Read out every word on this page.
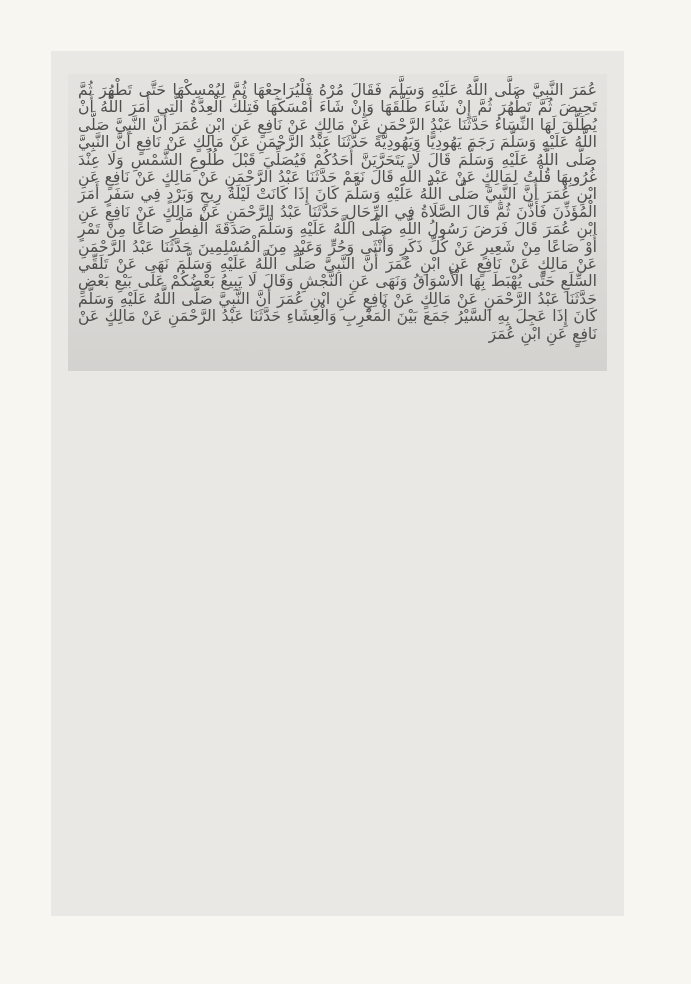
عُمَرَ النَّبِيَّ صَلَّى اللَّهُ عَلَيْهِ وَسَلَّمَ فَقَالَ مُرْهُ فَلْيُرَاجِعْهَا ثُمَّ لِيُمْسِكْهَا حَتَّى تَطْهُرَ ثُمَّ تَحِيضَ ثُمَّ تَطْهُرَ ثُمَّ إِنْ شَاءَ طَلَّقَهَا وَإِنْ شَاءَ أَمْسَكَهَا فَتِلْكَ الْعِدَّةُ الَّتِي أَمَرَ اللَّهُ أَنْ يُطَلَّقَ لَهَا النِّسَاءُ حَدَّثَنَا عَبْدُ الرَّحْمَنِ عَنْ مَالِكٍ عَنْ نَافِعٍ عَنِ ابْنِ عُمَرَ أَنَّ النَّبِيَّ صَلَّى اللَّهُ عَلَيْهِ وَسَلَّمَ رَجَمَ يَهُودِيًّا وَيَهُودِيَّةً حَدَّثَنَا عَبْدُ الرَّحْمَنِ عَنْ مَالِكٍ عَنْ نَافِعٍ أَنَّ النَّبِيَّ صَلَّى اللَّهُ عَلَيْهِ وَسَلَّمَ قَالَ لَا يَتَحَرَّيَنَّ أَحَدُكُمْ فَيُصَلِّيَ قَبْلَ طُلُوعِ الشَّمْسِ وَلَا عِنْدَ غُرُوبِهَا قُلْتُ لِمَالِكٍ عَنْ عَبْدِ اللَّهِ قَالَ نَعَمْ حَدَّثَنَا عَبْدُ الرَّحْمَنِ عَنْ مَالِكٍ عَنْ نَافِعٍ عَنِ ابْنِ عُمَرَ أَنَّ النَّبِيَّ صَلَّى اللَّهُ عَلَيْهِ وَسَلَّمَ كَانَ إِذَا كَانَتْ لَيْلَةُ رِيحٍ وَبَرْدٍ فِي سَفَرٍ أَمَرَ الْمُؤَذِّنَ فَأَذَّنَ ثُمَّ قَالَ الصَّلَاةُ فِي الرِّحَالِ حَدَّثَنَا عَبْدُ الرَّحْمَنِ عَنْ مَالِكٍ عَنْ نَافِعٍ عَنِ ابْنِ عُمَرَ قَالَ فَرَضَ رَسُولُ اللَّهِ صَلَّى اللَّهُ عَلَيْهِ وَسَلَّمَ صَدَقَةَ الْفِطْرِ صَاعًا مِنْ تَمْرٍ أَوْ صَاعًا مِنْ شَعِيرٍ عَنْ كُلِّ ذَكَرٍ وَأُنْثَى وَحُرٍّ وَعَبْدٍ مِنَ الْمُسْلِمِينَ حَدَّثَنَا عَبْدُ الرَّحْمَنِ عَنْ مَالِكٍ عَنْ نَافِعٍ عَنِ ابْنِ عُمَرَ أَنَّ النَّبِيَّ صَلَّى اللَّهُ عَلَيْهِ وَسَلَّمَ نَهَى عَنْ تَلَقِّي السِّلَعِ حَتَّى يُهْبَطَ بِهَا الْأَسْوَاقُ وَنَهَى عَنِ النَّجْشِ وَقَالَ لَا يَبِيعُ بَعْضُكُمْ عَلَى بَيْعِ بَعْضٍ حَدَّثَنَا عَبْدُ الرَّحْمَنِ عَنْ مَالِكٍ عَنْ نَافِعٍ عَنِ ابْنِ عُمَرَ أَنَّ النَّبِيَّ صَلَّى اللَّهُ عَلَيْهِ وَسَلَّمَ كَانَ إِذَا عَجِلَ بِهِ السَّيْرُ جَمَعَ بَيْنَ الْمَغْرِبِ وَالْعِشَاءِ حَدَّثَنَا عَبْدُ الرَّحْمَنِ عَنْ مَالِكٍ عَنْ نَافِعٍ عَنِ ابْنِ عُمَرَ
